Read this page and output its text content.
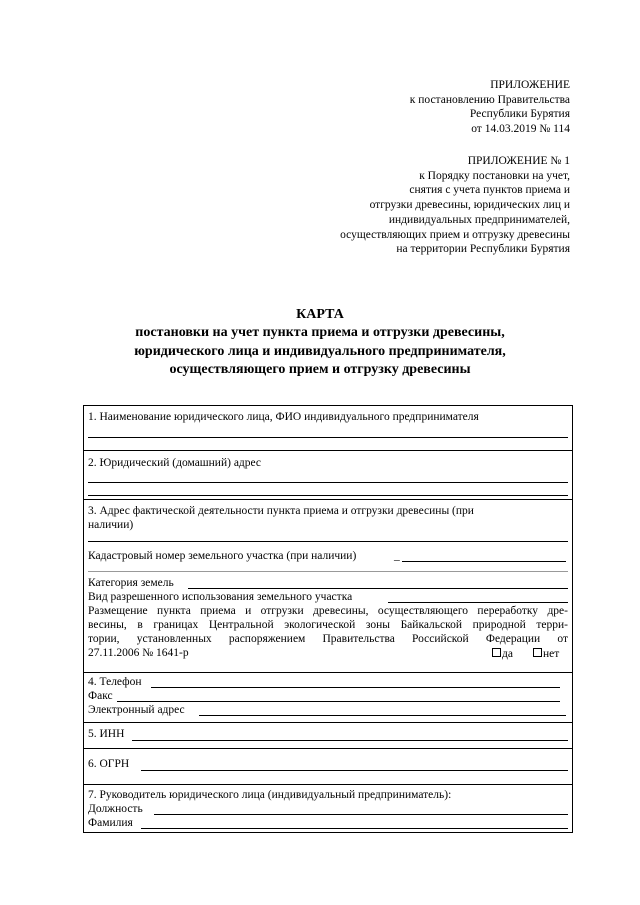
ПРИЛОЖЕНИЕ
к постановлению Правительства
Республики Бурятия
от 14.03.2019 № 114
ПРИЛОЖЕНИЕ № 1
к Порядку постановки на учет,
снятия с учета пунктов приема и
отгрузки древесины, юридических лиц и
индивидуальных предпринимателей,
осуществляющих прием и отгрузку древесины
на территории Республики Бурятия
КАРТА
постановки на учет пункта приема и отгрузки древесины,
юридического лица и индивидуального предпринимателя,
осуществляющего прием и отгрузку древесины
1. Наименование юридического лица, ФИО индивидуального предпринимателя
2. Юридический (домашний) адрес
3. Адрес фактической деятельности пункта приема и отгрузки древесины (при
наличии)
Кадастровый номер земельного участка (при наличии)	_
Категория земель
Вид разрешенного использования земельного участка
Размещение пункта приема и отгрузки древесины, осуществляющего переработку дре-
весины, в границах Центральной экологической зоны Байкальской природной терри-
тории, установленных распоряжением Правительства Российской Федерации от
27.11.2006 № 1641-р	да	нет
4. Телефон
Факс
Электронный адрес
5. ИНН
6. ОГРН
7. Руководитель юридического лица (индивидуальный предприниматель):
Должность
Фамилия
